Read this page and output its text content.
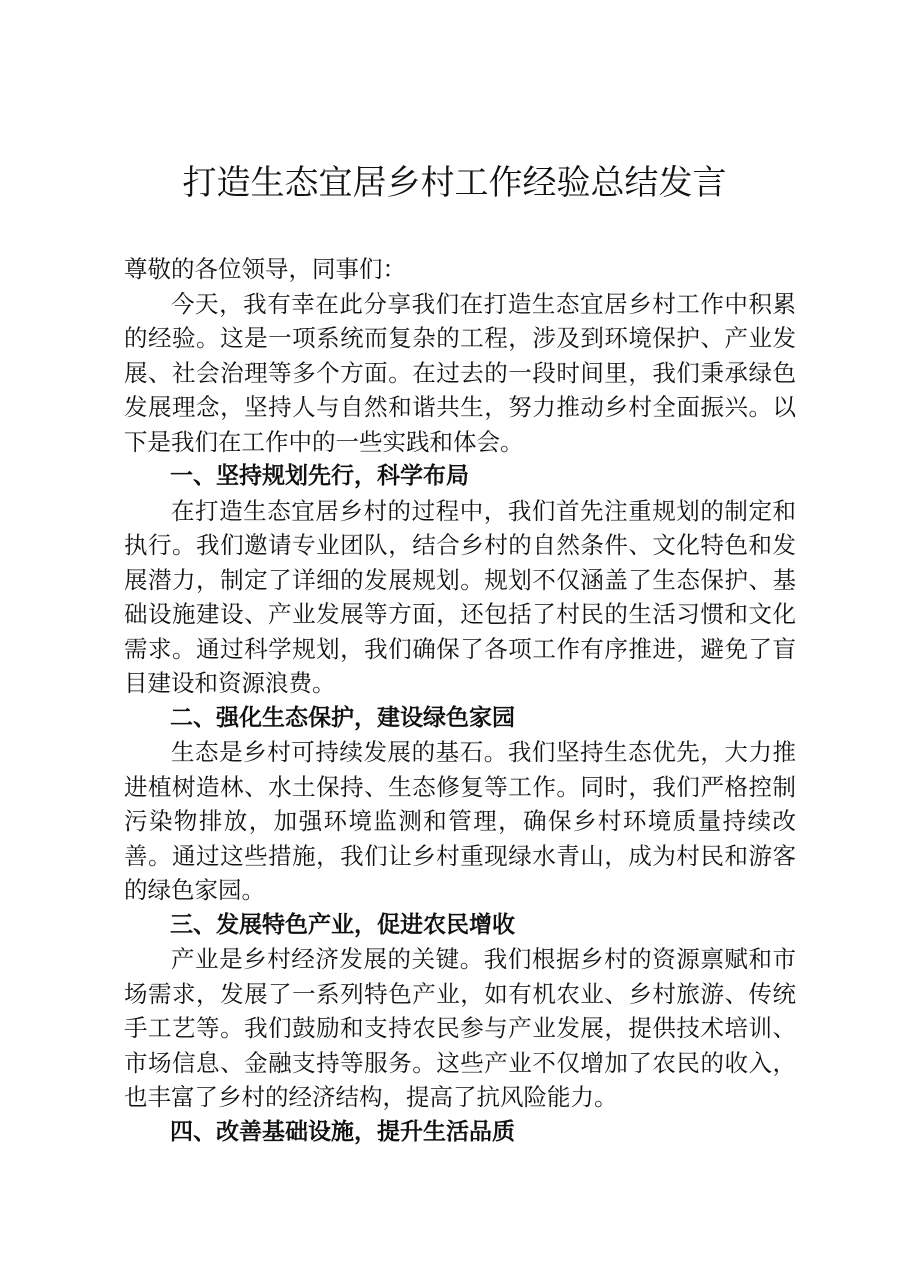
打造生态宜居乡村工作经验总结发言

尊敬的各位领导，同事们：

今天，我有幸在此分享我们在打造生态宜居乡村工作中积累的经验。这是一项系统而复杂的工程，涉及到环境保护、产业发展、社会治理等多个方面。在过去的一段时间里，我们秉承绿色发展理念，坚持人与自然和谐共生，努力推动乡村全面振兴。以下是我们在工作中的一些实践和体会。

一、坚持规划先行，科学布局

在打造生态宜居乡村的过程中，我们首先注重规划的制定和执行。我们邀请专业团队，结合乡村的自然条件、文化特色和发展潜力，制定了详细的发展规划。规划不仅涵盖了生态保护、基础设施建设、产业发展等方面，还包括了村民的生活习惯和文化需求。通过科学规划，我们确保了各项工作有序推进，避免了盲目建设和资源浪费。

二、强化生态保护，建设绿色家园

生态是乡村可持续发展的基石。我们坚持生态优先，大力推进植树造林、水土保持、生态修复等工作。同时，我们严格控制污染物排放，加强环境监测和管理，确保乡村环境质量持续改善。通过这些措施，我们让乡村重现绿水青山，成为村民和游客的绿色家园。

三、发展特色产业，促进农民增收

产业是乡村经济发展的关键。我们根据乡村的资源禀赋和市场需求，发展了一系列特色产业，如有机农业、乡村旅游、传统手工艺等。我们鼓励和支持农民参与产业发展，提供技术培训、市场信息、金融支持等服务。这些产业不仅增加了农民的收入，也丰富了乡村的经济结构，提高了抗风险能力。

四、改善基础设施，提升生活品质
